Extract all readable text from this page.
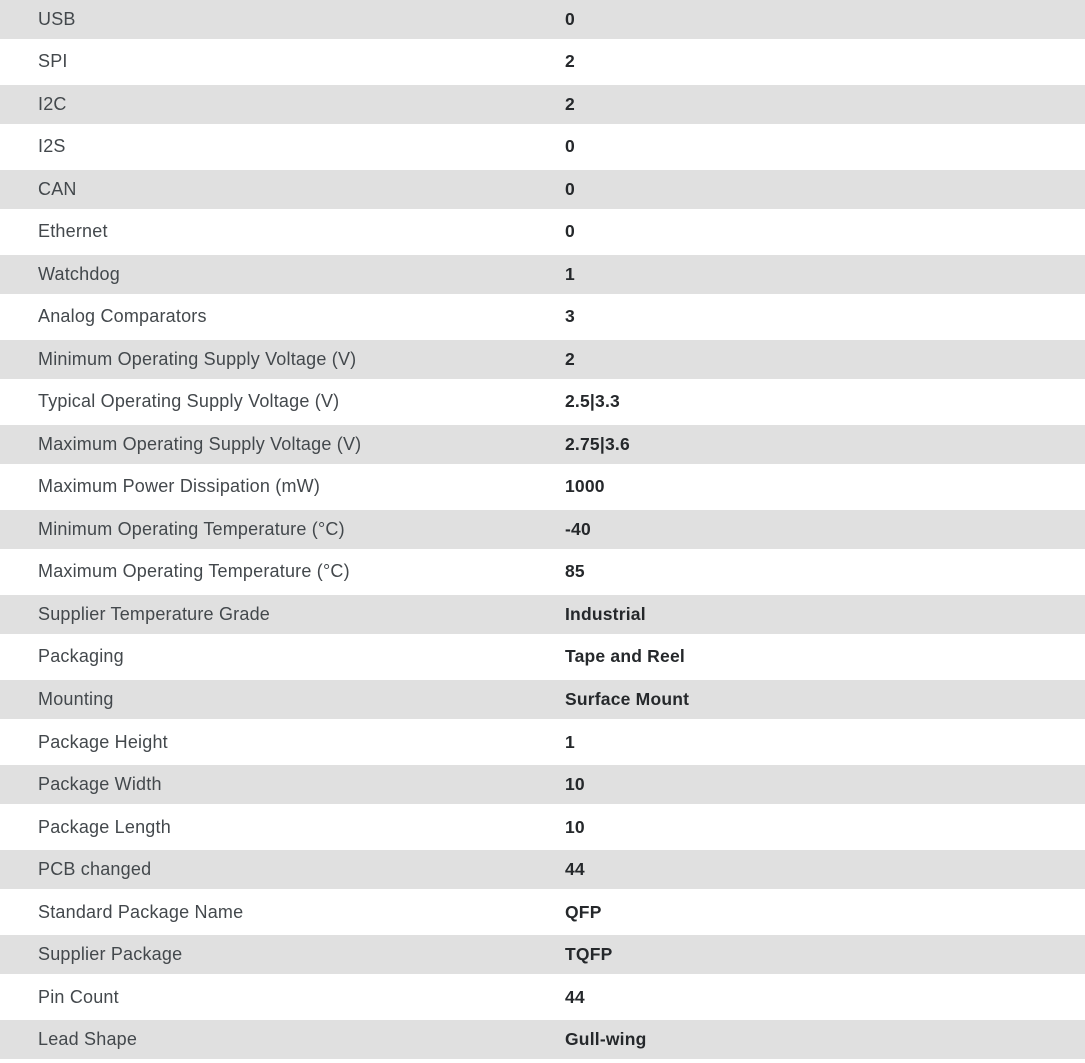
USB	0
SPI	2
I2C	2
I2S	0
CAN	0
Ethernet	0
Watchdog	1
Analog Comparators	3
Minimum Operating Supply Voltage (V)	2
Typical Operating Supply Voltage (V)	2.5|3.3
Maximum Operating Supply Voltage (V)	2.75|3.6
Maximum Power Dissipation (mW)	1000
Minimum Operating Temperature (°C)	-40
Maximum Operating Temperature (°C)	85
Supplier Temperature Grade	Industrial
Packaging	Tape and Reel
Mounting	Surface Mount
Package Height	1
Package Width	10
Package Length	10
PCB changed	44
Standard Package Name	QFP
Supplier Package	TQFP
Pin Count	44
Lead Shape	Gull-wing
